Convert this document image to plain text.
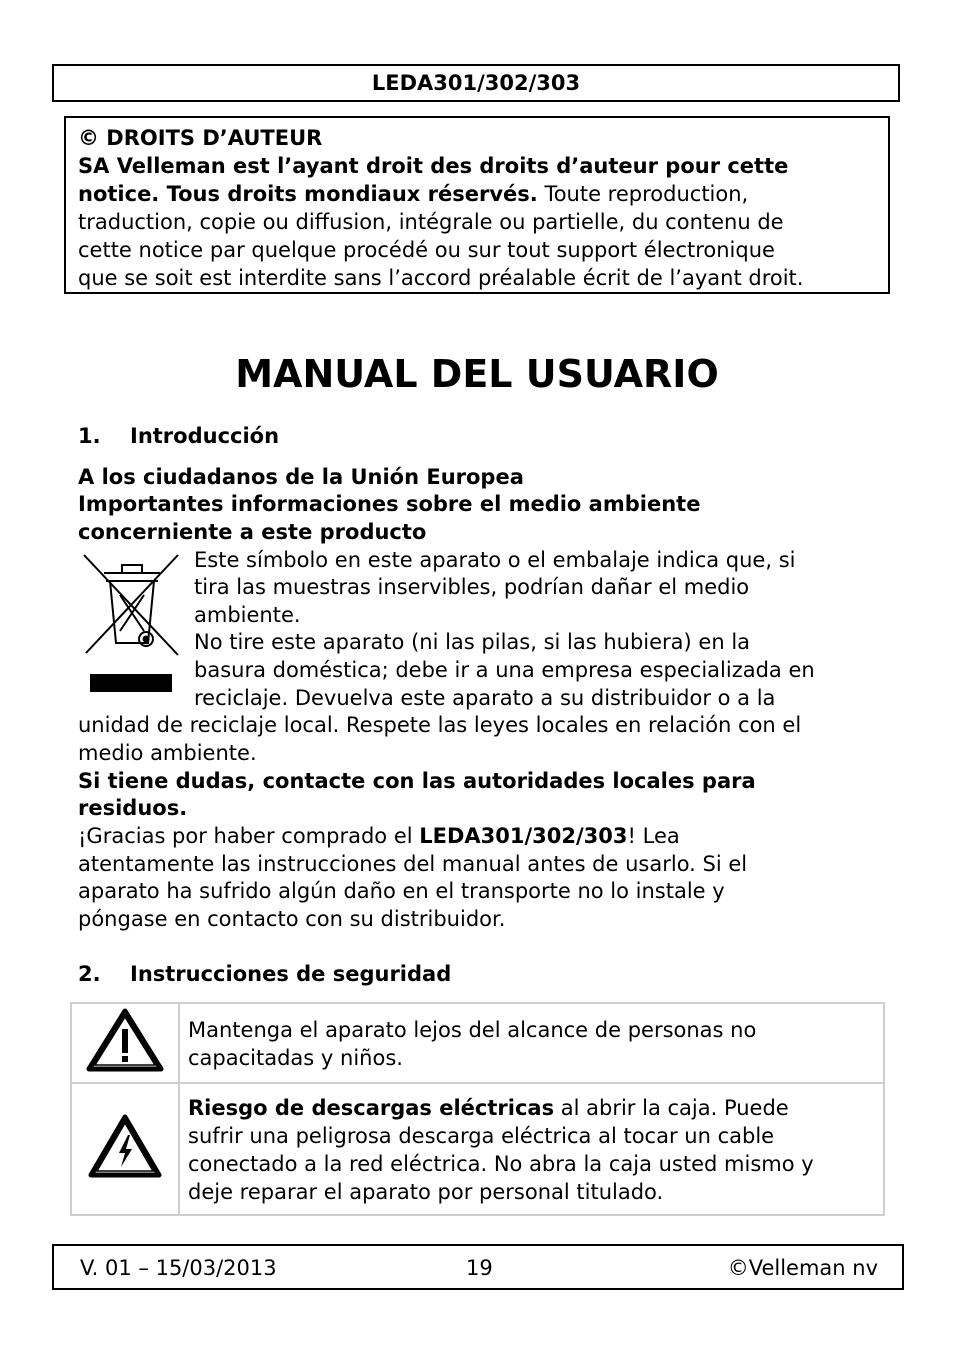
LEDA301/302/303
© DROITS D’AUTEUR
SA Velleman est l’ayant droit des droits d’auteur pour cette
notice. Tous droits mondiaux réservés. Toute reproduction,
traduction, copie ou diffusion, intégrale ou partielle, du contenu de
cette notice par quelque procédé ou sur tout support électronique
que se soit est interdite sans l’accord préalable écrit de l’ayant droit.
MANUAL DEL USUARIO
1. Introducción
A los ciudadanos de la Unión Europea
Importantes informaciones sobre el medio ambiente
concerniente a este producto
Este símbolo en este aparato o el embalaje indica que, si
tira las muestras inservibles, podrían dañar el medio
ambiente.
No tire este aparato (ni las pilas, si las hubiera) en la
basura doméstica; debe ir a una empresa especializada en
reciclaje. Devuelva este aparato a su distribuidor o a la
unidad de reciclaje local. Respete las leyes locales en relación con el
medio ambiente.
Si tiene dudas, contacte con las autoridades locales para
residuos.
¡Gracias por haber comprado el LEDA301/302/303! Lea
atentamente las instrucciones del manual antes de usarlo. Si el
aparato ha sufrido algún daño en el transporte no lo instale y
póngase en contacto con su distribuidor.
2. Instrucciones de seguridad

Mantenga el aparato lejos del alcance de personas no
capacitadas y niños.

Riesgo de descargas eléctricas al abrir la caja. Puede
sufrir una peligrosa descarga eléctrica al tocar un cable
conectado a la red eléctrica. No abra la caja usted mismo y
deje reparar el aparato por personal titulado.
V. 01 – 15/03/2013	19	©Velleman nv
